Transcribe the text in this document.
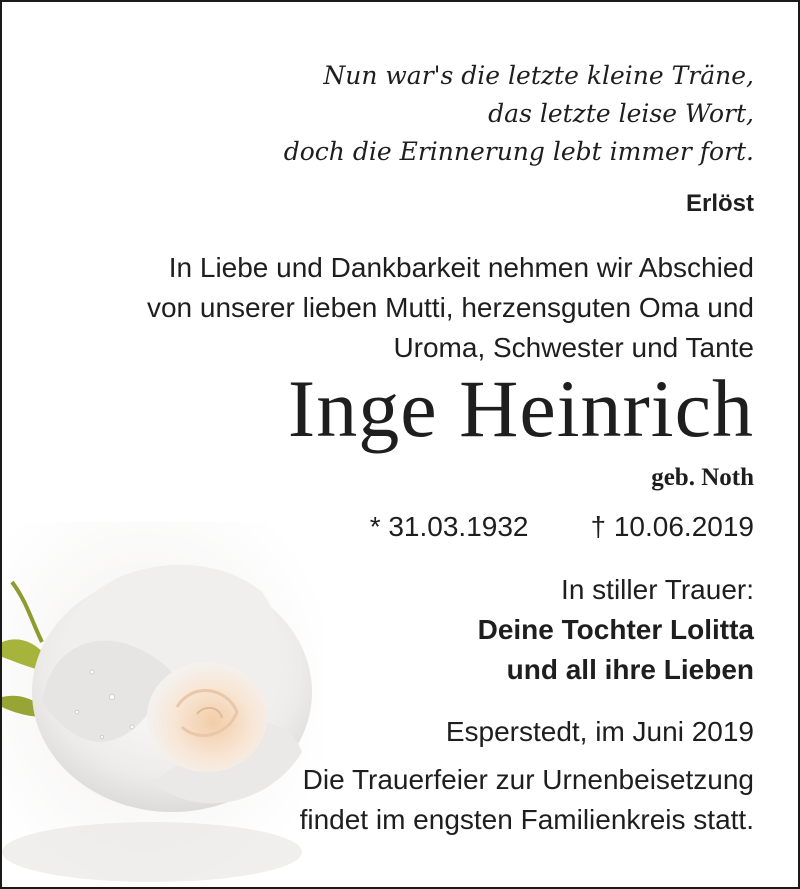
Nun war's die letzte kleine Träne,
das letzte leise Wort,
doch die Erinnerung lebt immer fort.
Erlöst
In Liebe und Dankbarkeit nehmen wir Abschied
von unserer lieben Mutti, herzensguten Oma und
Uroma, Schwester und Tante
Inge Heinrich
geb. Noth
* 31.03.1932 † 10.06.2019
In stiller Trauer:
Deine Tochter Lolitta
und all ihre Lieben
Esperstedt, im Juni 2019
Die Trauerfeier zur Urnenbeisetzung
findet im engsten Familienkreis statt.
